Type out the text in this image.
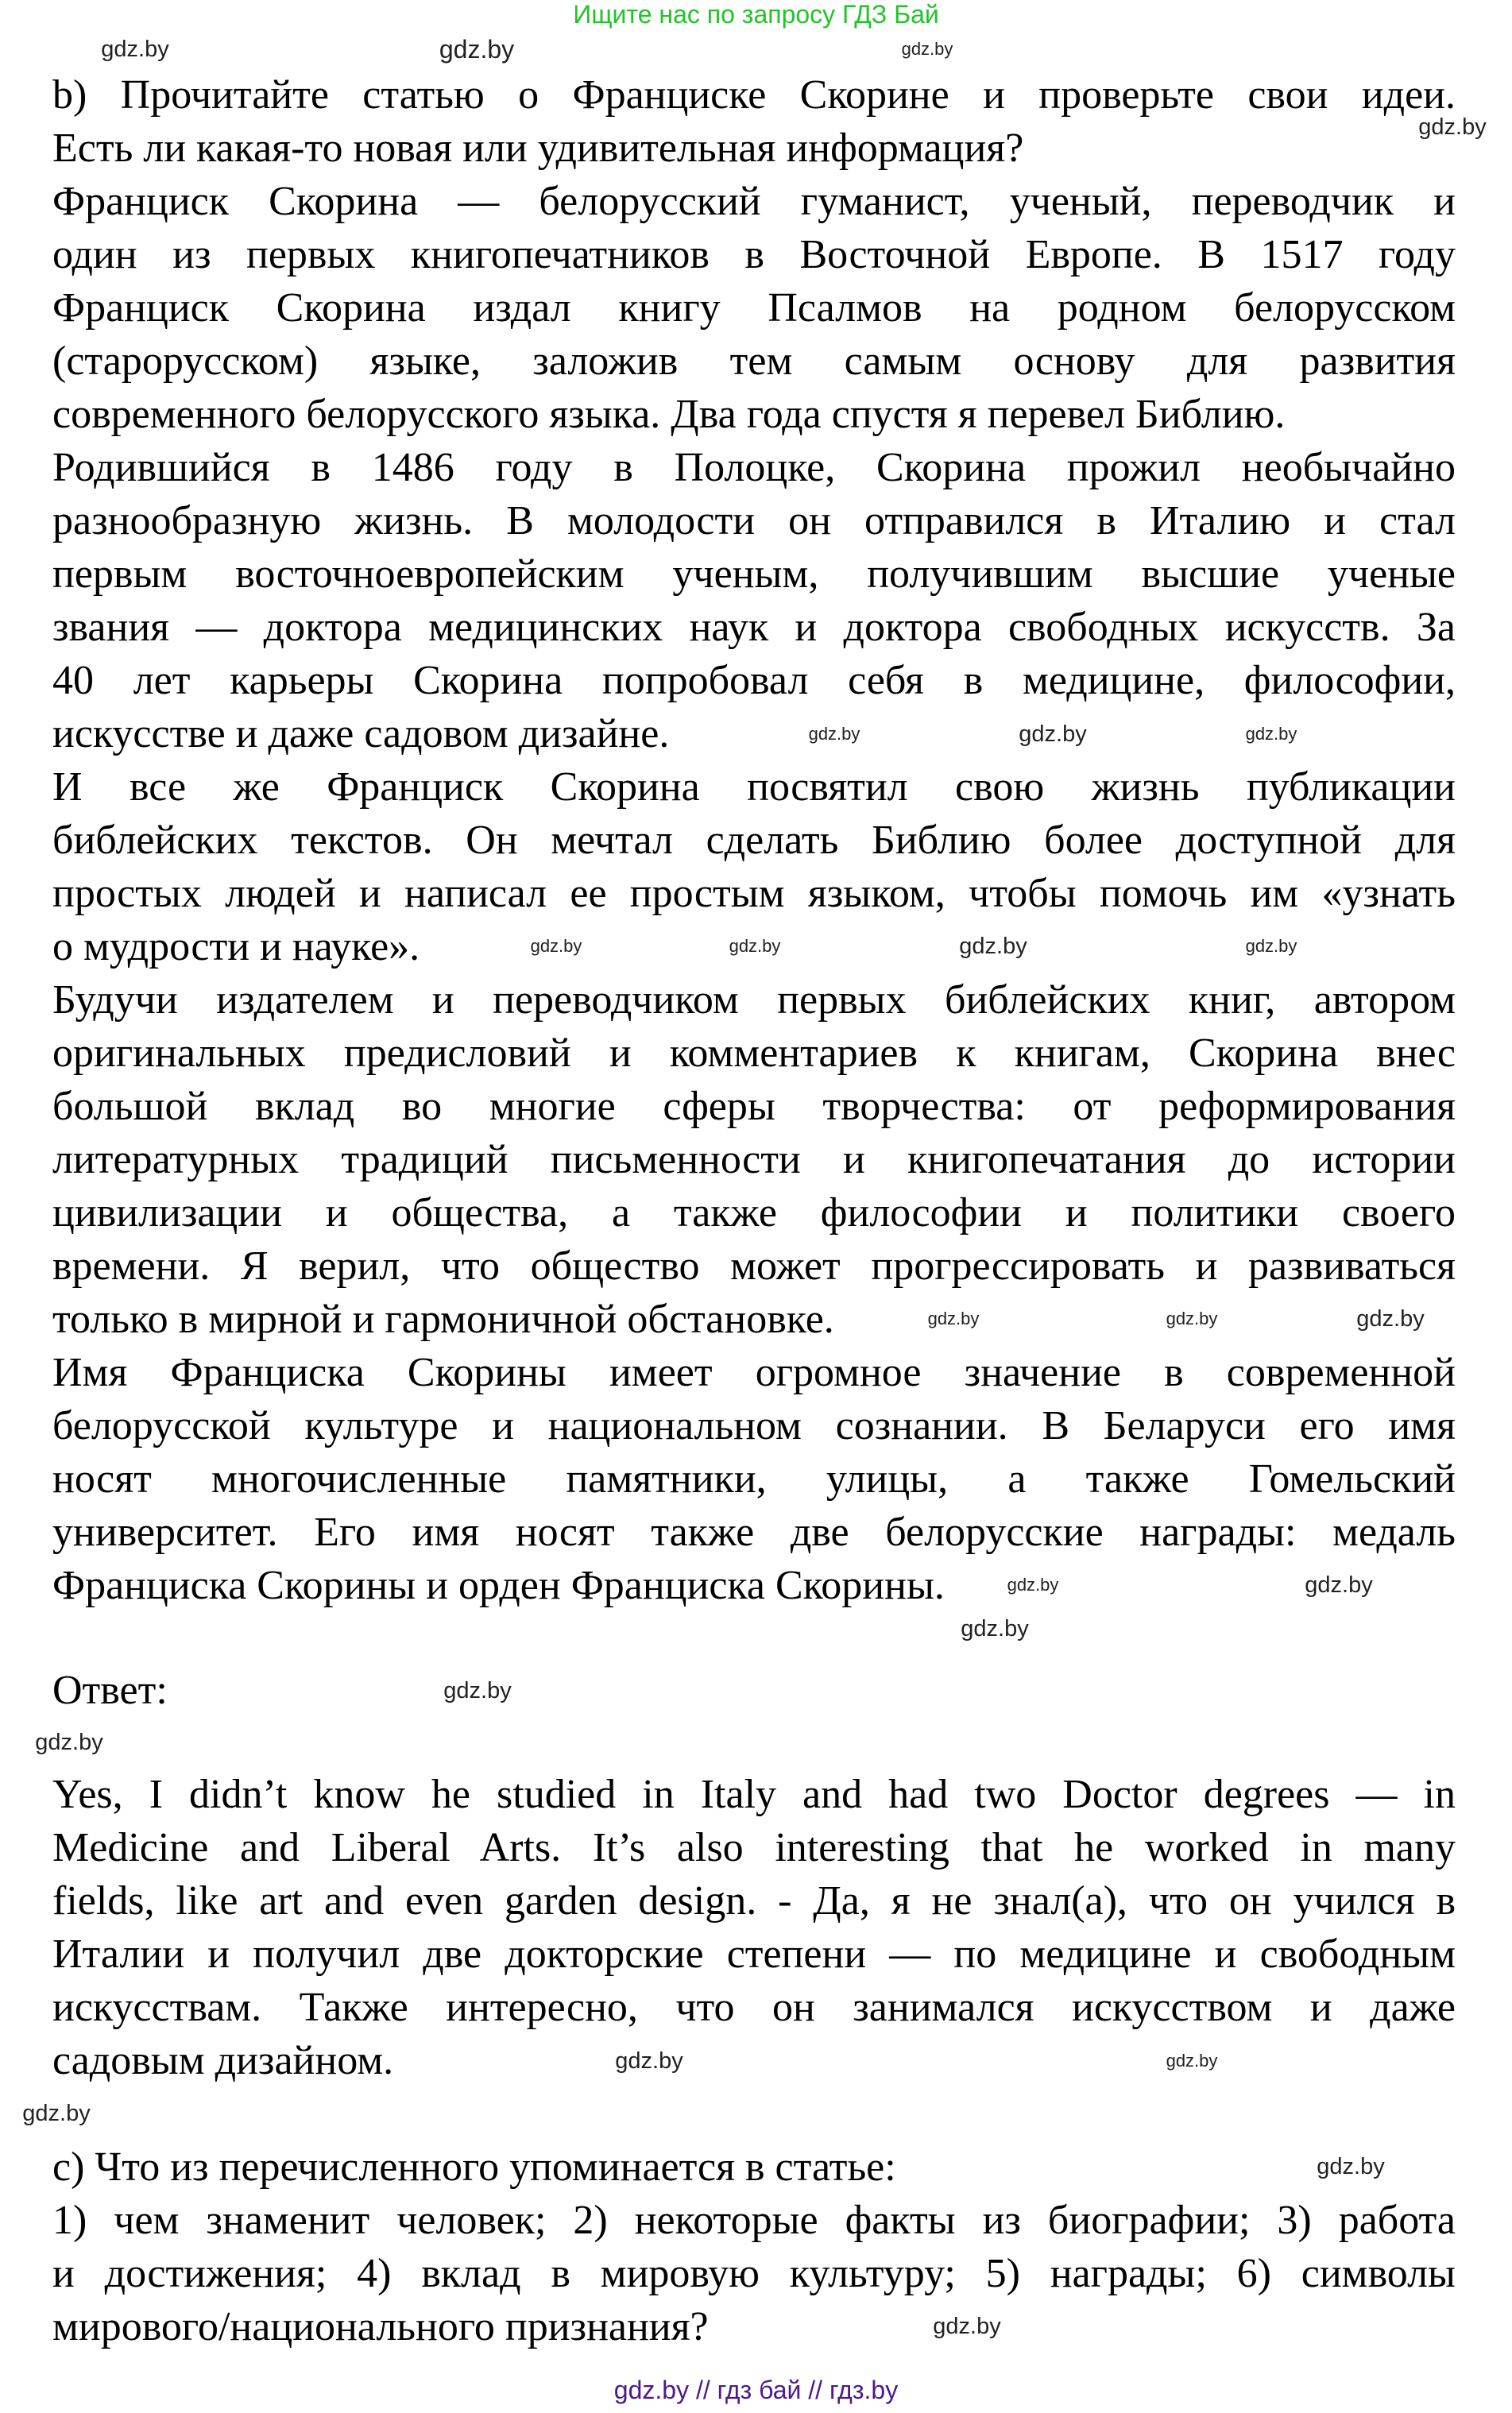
Ищите нас по запросу ГДЗ Бай
b) Прочитайте статью о Франциске Скорине и проверьте свои идеи.
Есть ли какая-то новая или удивительная информация?
Франциск Скорина — белорусский гуманист, ученый, переводчик и
один из первых книгопечатников в Восточной Европе. В 1517 году
Франциск Скорина издал книгу Псалмов на родном белорусском
(старорусском) языке, заложив тем самым основу для развития
современного белорусского языка. Два года спустя я перевел Библию.
Родившийся в 1486 году в Полоцке, Скорина прожил необычайно
разнообразную жизнь. В молодости он отправился в Италию и стал
первым восточноевропейским ученым, получившим высшие ученые
звания — доктора медицинских наук и доктора свободных искусств. За
40 лет карьеры Скорина попробовал себя в медицине, философии,
искусстве и даже садовом дизайне.
И все же Франциск Скорина посвятил свою жизнь публикации
библейских текстов. Он мечтал сделать Библию более доступной для
простых людей и написал ее простым языком, чтобы помочь им «узнать
о мудрости и науке».
Будучи издателем и переводчиком первых библейских книг, автором
оригинальных предисловий и комментариев к книгам, Скорина внес
большой вклад во многие сферы творчества: от реформирования
литературных традиций письменности и книгопечатания до истории
цивилизации и общества, а также философии и политики своего
времени. Я верил, что общество может прогрессировать и развиваться
только в мирной и гармоничной обстановке.
Имя Франциска Скорины имеет огромное значение в современной
белорусской культуре и национальном сознании. В Беларуси его имя
носят многочисленные памятники, улицы, а также Гомельский
университет. Его имя носят также две белорусские награды: медаль
Франциска Скорины и орден Франциска Скорины.
Ответ:
Yes, I didn’t know he studied in Italy and had two Doctor degrees — in
Medicine and Liberal Arts. It’s also interesting that he worked in many
fields, like art and even garden design. - Да, я не знал(а), что он учился в
Италии и получил две докторские степени — по медицине и свободным
искусствам. Также интересно, что он занимался искусством и даже
садовым дизайном.
c) Что из перечисленного упоминается в статье:
1) чем знаменит человек; 2) некоторые факты из биографии; 3) работа
и достижения; 4) вклад в мировую культуру; 5) награды; 6) символы
мирового/национального признания?
gdz.by
gdz.by
gdz.by	gdz.by
gdz.by	gdz.by
gdz.by
gdz.by
gdz.by	gdz.by	gdz.by
gdz.by	gdz.by	gdz.by
gdz.by	gdz.by
gdz.by
gdz.by
gdz.by
gdz.by
gdz.by
gdz.by
gdz.by
gdz.by
gdz.by // гдз бай // гдз.by
